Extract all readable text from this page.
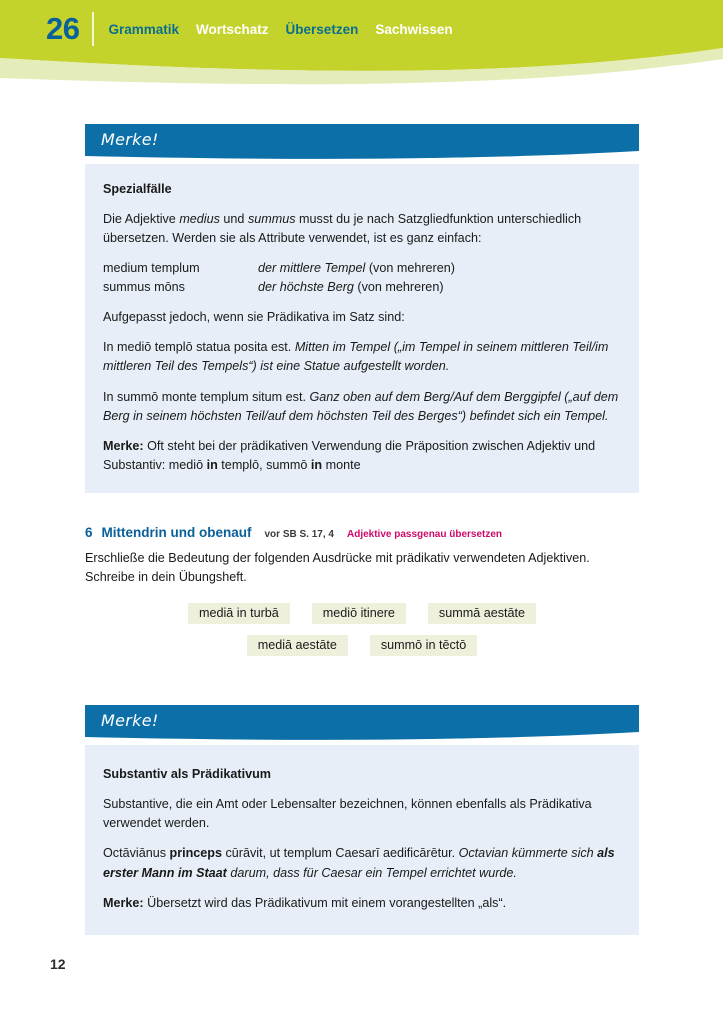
26 Grammatik Wortschatz Übersetzen Sachwissen
Merke!

Spezialfälle

Die Adjektive medius und summus musst du je nach Satzgliedfunktion unterschiedlich übersetzen. Werden sie als Attribute verwendet, ist es ganz einfach:

medium templum	der mittlere Tempel (von mehreren)
summus mōns	der höchste Berg (von mehreren)

Aufgepasst jedoch, wenn sie Prädikativa im Satz sind:

In mediō templō statua posita est. Mitten im Tempel („im Tempel in seinem mittleren Teil/im mittleren Teil des Tempels“) ist eine Statue aufgestellt worden.

In summō monte templum situm est. Ganz oben auf dem Berg/Auf dem Berggipfel („auf dem Berg in seinem höchsten Teil/auf dem höchsten Teil des Berges“) befindet sich ein Tempel.

Merke: Oft steht bei der prädikativen Verwendung die Präposition zwischen Adjektiv und Substantiv: mediō in templō, summō in monte

6 Mittendrin und obenauf vor SB S. 17, 4 Adjektive passgenau übersetzen

Erschließe die Bedeutung der folgenden Ausdrücke mit prädikativ verwendeten Adjektiven. Schreibe in dein Übungsheft.

mediā in turbā	mediō itinere	summā aestāte
mediā aestāte	summō in tēctō
Merke!

Substantiv als Prädikativum

Substantive, die ein Amt oder Lebensalter bezeichnen, können ebenfalls als Prädikativa verwendet werden.

Octāviānus princeps cūrāvit, ut templum Caesarī aedificārētur. Octavian kümmerte sich als erster Mann im Staat darum, dass für Caesar ein Tempel errichtet wurde.

Merke: Übersetzt wird das Prädikativum mit einem vorangestellten „als“.

12
